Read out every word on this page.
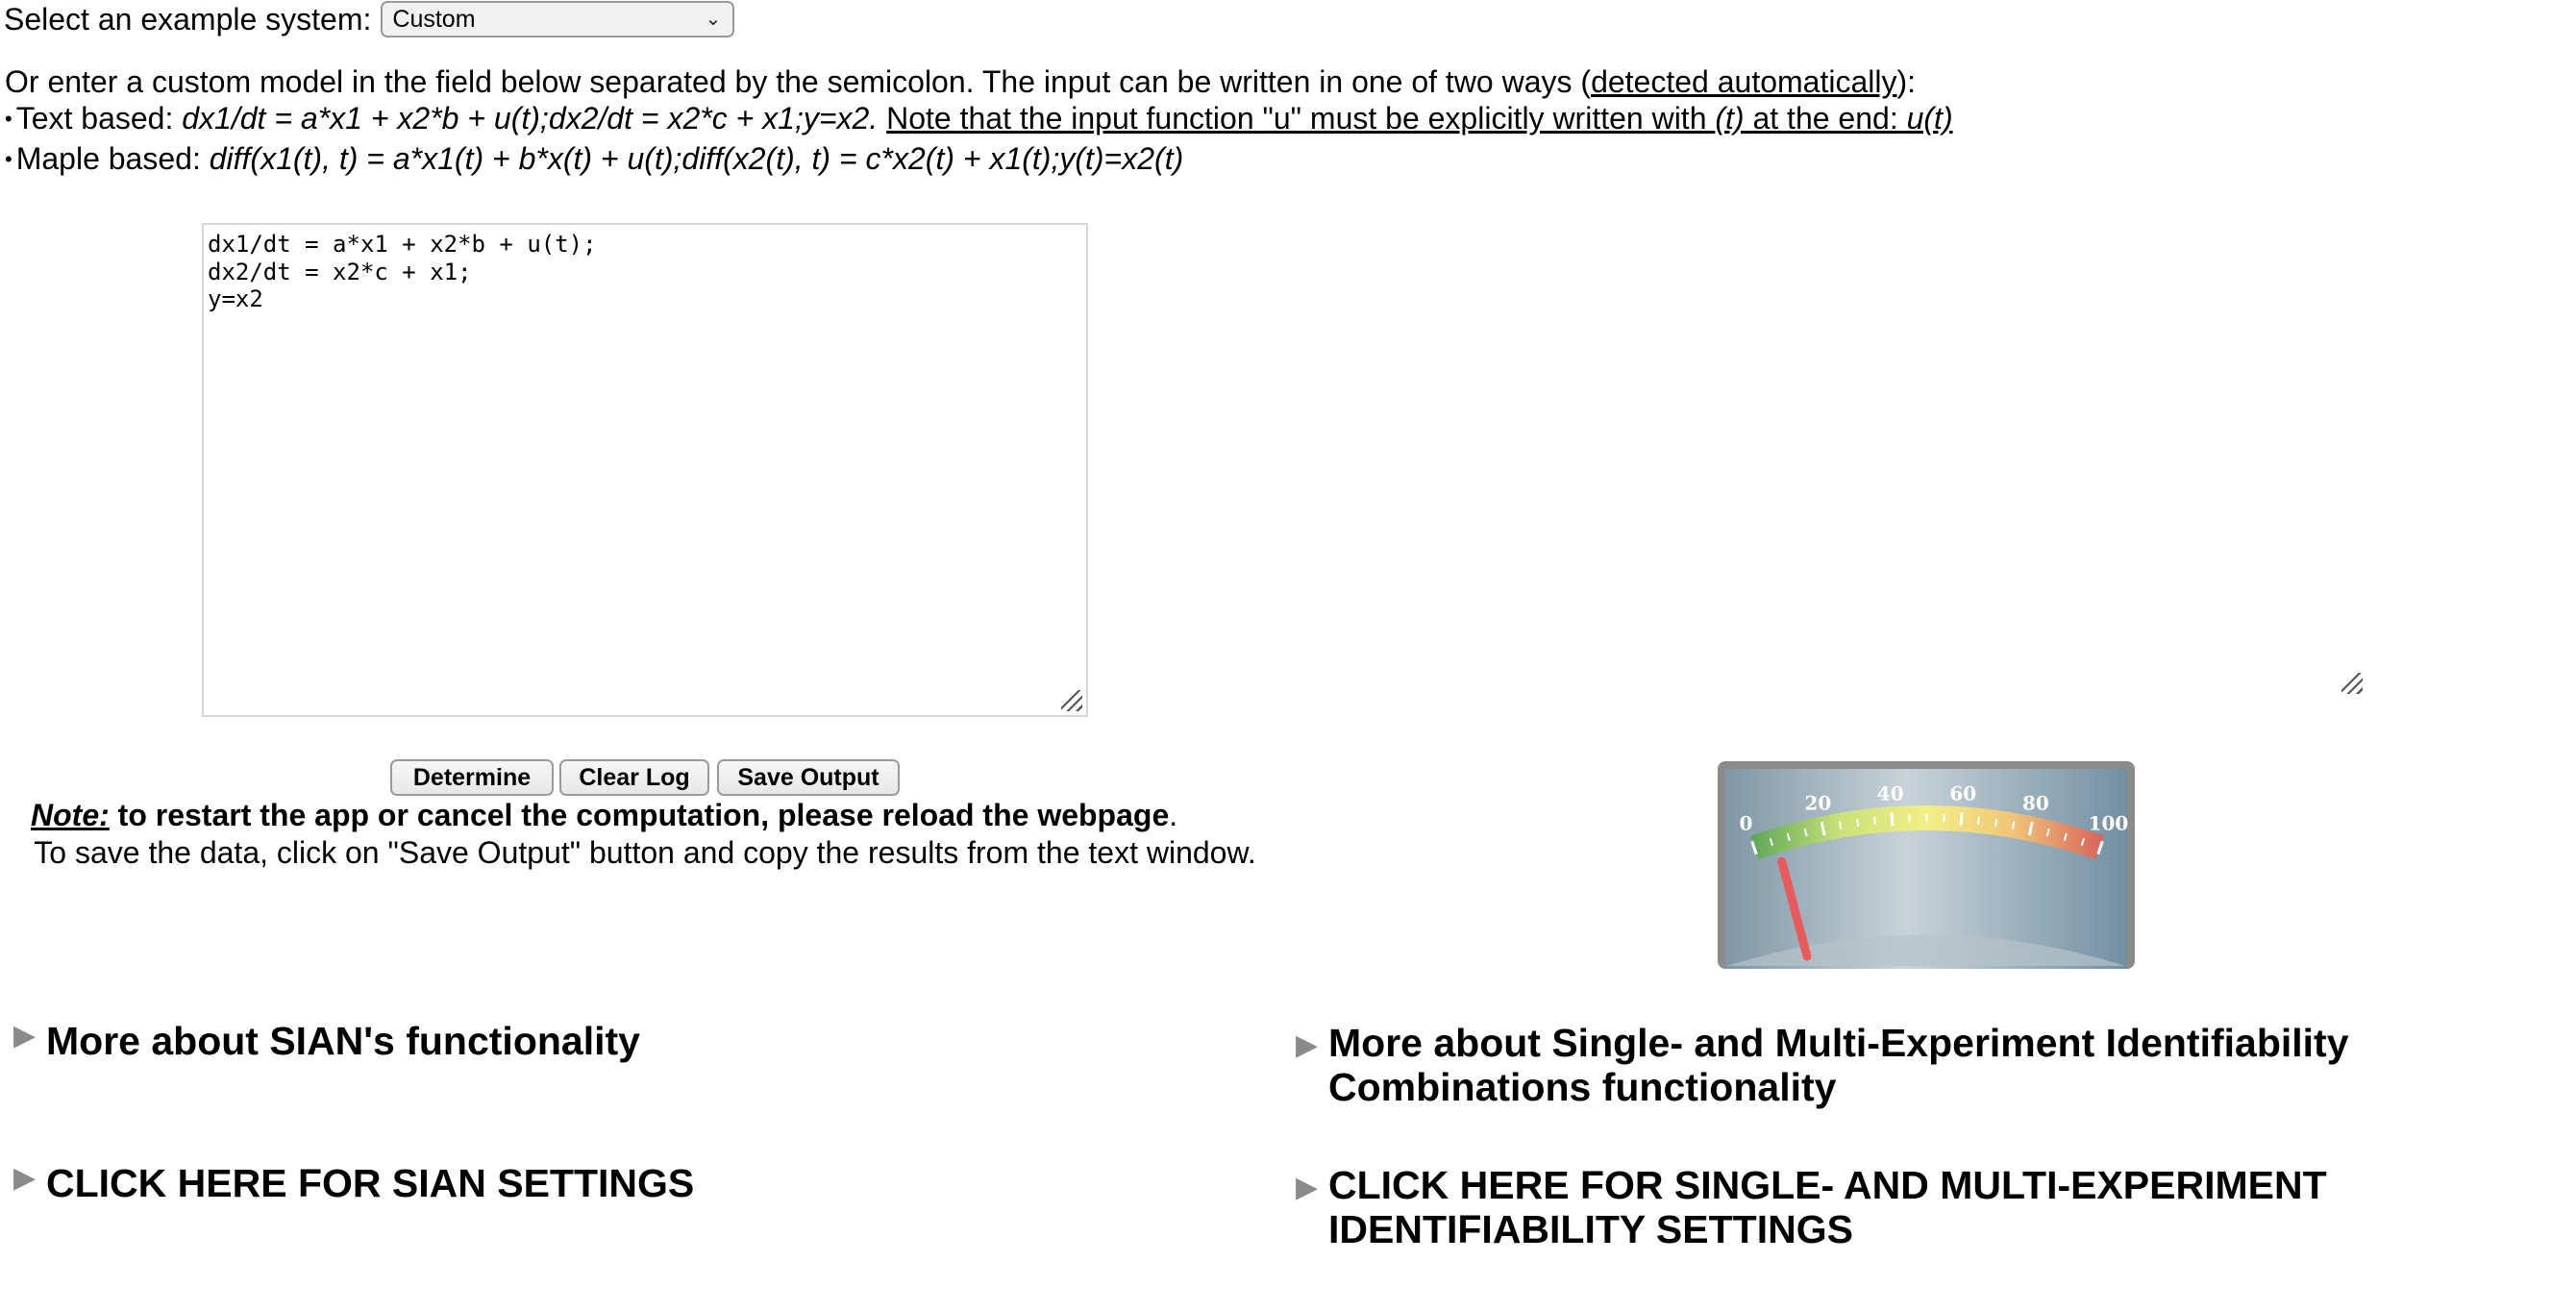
Select an example system: Custom	⌄
Or enter a custom model in the field below separated by the semicolon. The input can be written in one of two ways (detected automatically):
• Text based: dx1/dt = a*x1 + x2*b + u(t);dx2/dt = x2*c + x1;y=x2. Note that the input function "u" must be explicitly written with (t) at the end: u(t)
• Maple based: diff(x1(t), t) = a*x1(t) + b*x(t) + u(t);diff(x2(t), t) = c*x2(t) + x1(t);y(t)=x2(t)
dx1/dt = a*x1 + x2*b + u(t);
dx2/dt = x2*c + x1;
y=x2
Determine	Clear Log	Save Output
Note: to restart the app or cancel the computation, please reload the webpage.
To save the data, click on "Save Output" button and copy the results from the text window.
0
20 40 60 80
100
▶ More about SIAN's functionality	▶ More about Single- and Multi-Experiment Identifiability Combinations functionality
▶ CLICK HERE FOR SIAN SETTINGS	▶ CLICK HERE FOR SINGLE- AND MULTI-EXPERIMENT IDENTIFIABILITY SETTINGS
